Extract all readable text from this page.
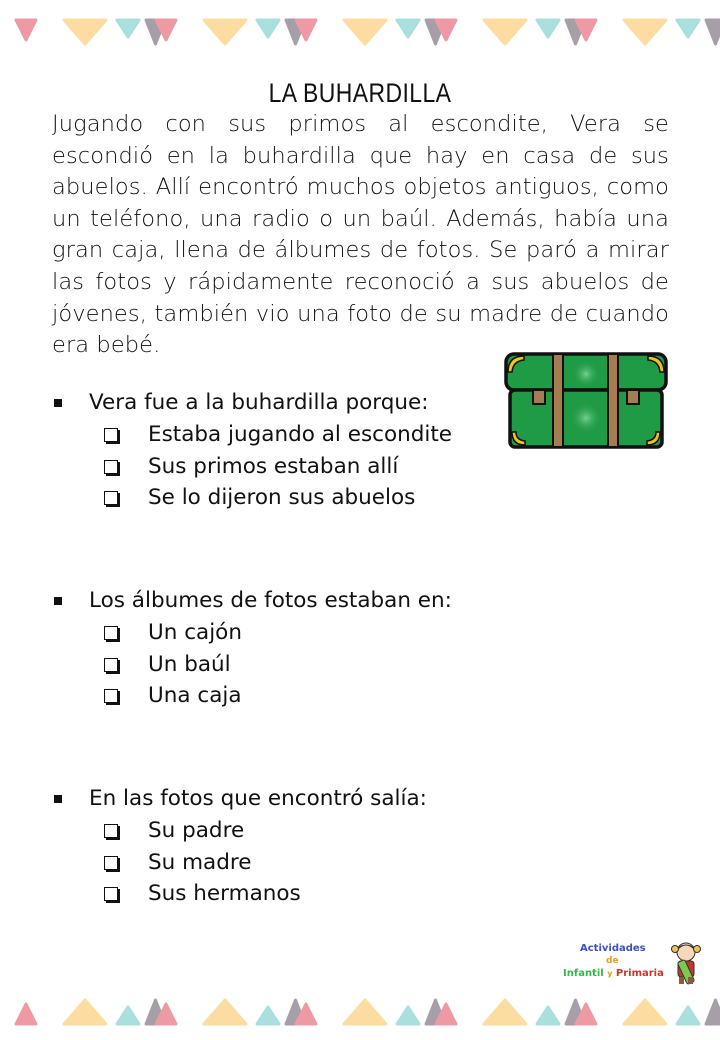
LA BUHARDILLA
Jugando con sus primos al escondite, Vera se
escondió en la buhardilla que hay en casa de sus
abuelos. Allí encontró muchos objetos antiguos, como
un teléfono, una radio o un baúl. Además, había una
gran caja, llena de álbumes de fotos. Se paró a mirar
las fotos y rápidamente reconoció a sus abuelos de
jóvenes, también vio una foto de su madre de cuando
era bebé.
Vera fue a la buhardilla porque:
Estaba jugando al escondite
Sus primos estaban allí
Se lo dijeron sus abuelos
Los álbumes de fotos estaban en:
Un cajón
Un baúl
Una caja
En las fotos que encontró salía:
Su padre
Su madre
Sus hermanos
Actividades
de
Infantil y Primaria
